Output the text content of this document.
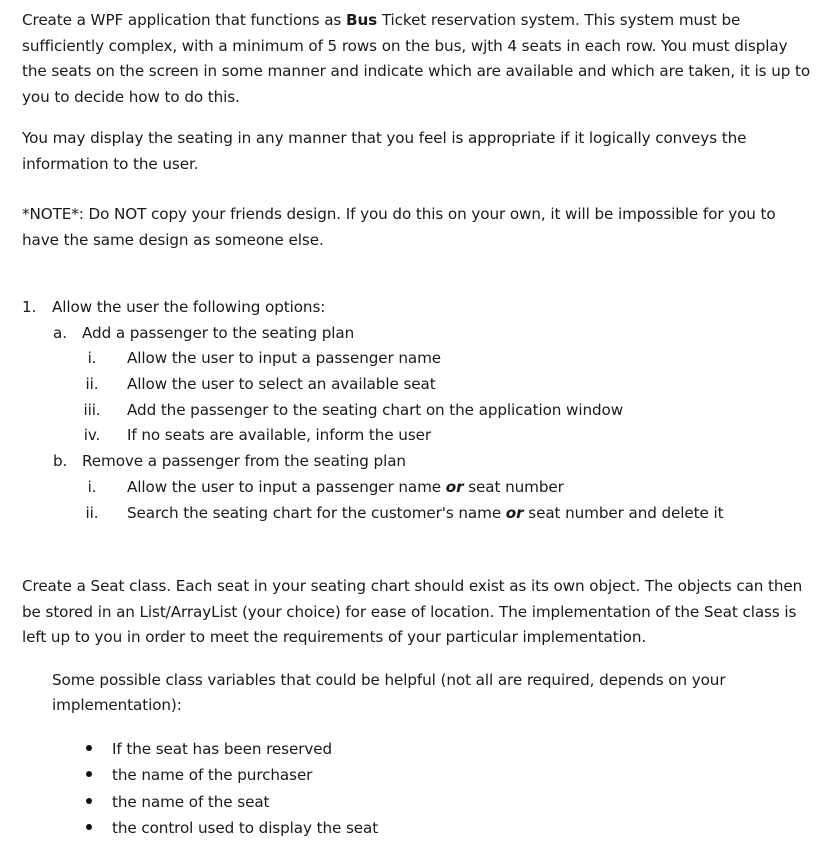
Create a WPF application that functions as Bus Ticket reservation system. This system must be sufficiently complex, with a minimum of 5 rows on the bus, wjth 4 seats in each row. You must display the seats on the screen in some manner and indicate which are available and which are taken, it is up to you to decide how to do this.

You may display the seating in any manner that you feel is appropriate if it logically conveys the information to the user.

*NOTE*: Do NOT copy your friends design. If you do this on your own, it will be impossible for you to have the same design as someone else.

1. Allow the user the following options:
a. Add a passenger to the seating plan
i.	Allow the user to input a passenger name
ii. Allow the user to select an available seat
iii. Add the passenger to the seating chart on the application window
iv. If no seats are available, inform the user
b. Remove a passenger from the seating plan
i.	Allow the user to input a passenger name or seat number
ii. Search the seating chart for the customer's name or seat number and delete it

Create a Seat class. Each seat in your seating chart should exist as its own object. The objects can then be stored in an List/ArrayList (your choice) for ease of location. The implementation of the Seat class is left up to you in order to meet the requirements of your particular implementation.

Some possible class variables that could be helpful (not all are required, depends on your implementation):

If the seat has been reserved
the name of the purchaser
the name of the seat
the control used to display the seat
